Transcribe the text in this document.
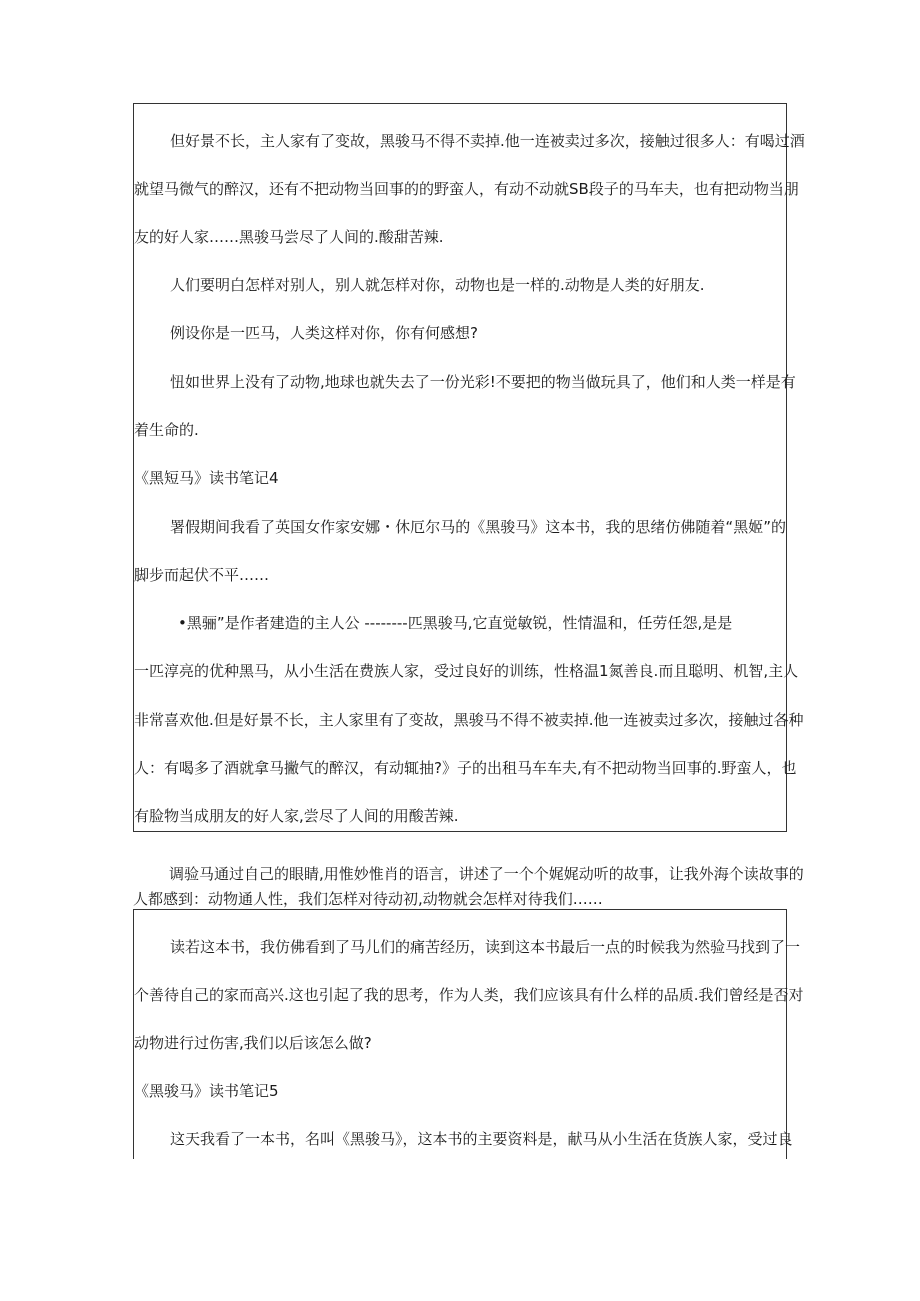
但好景不长，主人家有了变故，黑骏马不得不卖掉.他一连被卖过多次，接触过很多人：有喝过酒
就望马微气的醉汉，还有不把动物当回事的的野蛮人，有动不动就SB段子的马车夫，也有把动物当朋
友的好人家……黑骏马尝尽了人间的.酸甜苦辣.
人们要明白怎样对别人，别人就怎样对你，动物也是一样的.动物是人类的好朋友.
例设你是一匹马，人类这样对你，你有何感想?
忸如世界上没有了动物,地球也就失去了一份光彩!不要把的物当做玩具了，他们和人类一样是有
着生命的.
《黑短马》读书笔记4
署假期间我看了英国女作家安娜・休厄尔马的《黑骏马》这本书，我的思绪仿佛随着“黑姬”的
脚步而起伏不平……
•黑骊”是作者建造的主人公 --------匹黑骏马,它直觉敏锐，性情温和，任劳任怨,是是
一匹淳亮的优种黑马，从小生活在费族人家，受过良好的训练，性格温1氮善良.而且聪明、机智,主人
非常喜欢他.但是好景不长，主人家里有了变故，黑骏马不得不被卖掉.他一连被卖过多次，接触过各种
人：有喝多了酒就拿马撇气的醉汉，有动辄抽?》子的出租马车车夫,有不把动物当回事的.野蛮人，也
有脸物当成朋友的好人家,尝尽了人间的用酸苦辣.
调验马通过自己的眼睛,用惟妙惟肖的语言，讲述了一个个娓娓动听的故事，让我外海个读故事的
人都感到：动物通人性，我们怎样对待动初,动物就会怎样对待我们……
读若这本书，我仿佛看到了马儿们的痛苦经历，读到这本书最后一点的时候我为然验马找到了一
个善待自己的家而高兴.这也引起了我的思考，作为人类，我们应该具有什么样的品质.我们曾经是否对
动物进行过伤害,我们以后该怎么做?
《黑骏马》读书笔记5
这天我看了一本书，名叫《黑骏马》，这本书的主要资料是，献马从小生活在货族人家，受过良
